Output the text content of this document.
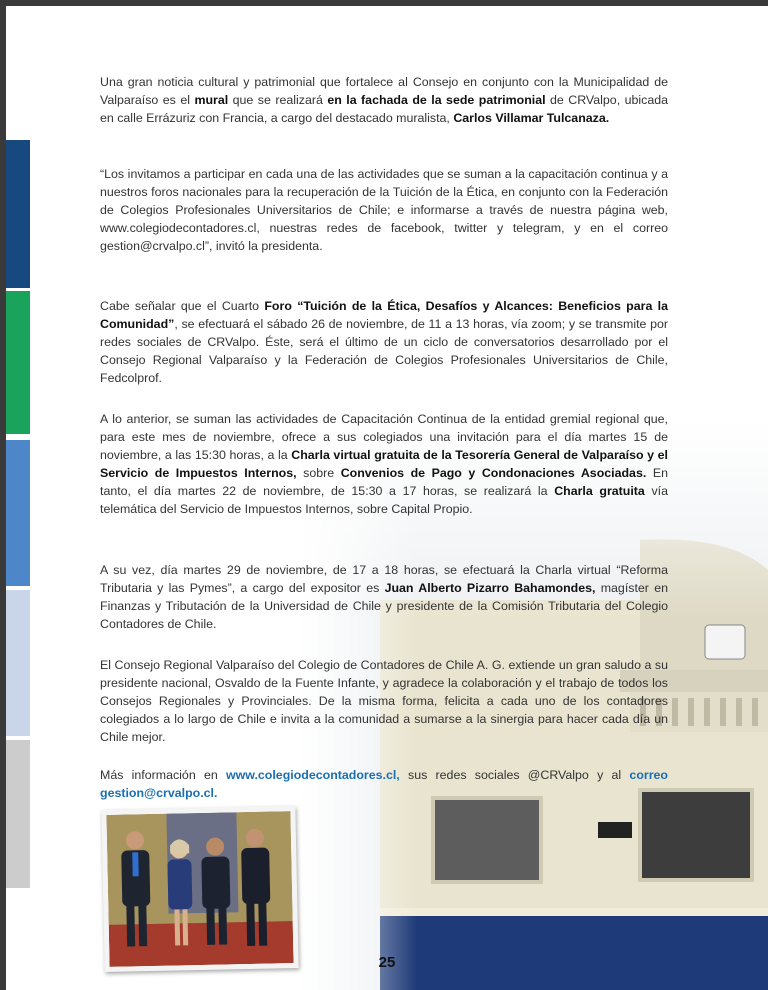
Una gran noticia cultural y patrimonial que fortalece al Consejo en conjunto con la Municipalidad de Valparaíso es el mural que se realizará en la fachada de la sede patrimonial de CRValpo, ubicada en calle Errázuriz con Francia, a cargo del destacado muralista, Carlos Villamar Tulcanaza.
“Los invitamos a participar en cada una de las actividades que se suman a la capacitación continua y a nuestros foros nacionales para la recuperación de la Tuición de la Ética, en conjunto con la Federación de Colegios Profesionales Universitarios de Chile; e informarse a través de nuestra página web, www.colegiodecontadores.cl, nuestras redes de facebook, twitter y telegram, y en el correo gestion@crvalpo.cl”, invitó la presidenta.
Cabe señalar que el Cuarto Foro “Tuición de la Ética, Desafíos y Alcances: Beneficios para la Comunidad”, se efectuará el sábado 26 de noviembre, de 11 a 13 horas, vía zoom; y se transmite por redes sociales de CRValpo. Éste, será el último de un ciclo de conversatorios desarrollado por el Consejo Regional Valparaíso y la Federación de Colegios Profesionales Universitarios de Chile, Fedcolprof.
A lo anterior, se suman las actividades de Capacitación Continua de la entidad gremial regional que, para este mes de noviembre, ofrece a sus colegiados una invitación para el día martes 15 de noviembre, a las 15:30 horas, a la Charla virtual gratuita de la Tesorería General de Valparaíso y el Servicio de Impuestos Internos, sobre Convenios de Pago y Condonaciones Asociadas. En tanto, el día martes 22 de noviembre, de 15:30 a 17 horas, se realizará la Charla gratuita vía telemática del Servicio de Impuestos Internos, sobre Capital Propio.
A su vez, día martes 29 de noviembre, de 17 a 18 horas, se efectuará la Charla virtual “Reforma Tributaria y las Pymes”, a cargo del expositor es Juan Alberto Pizarro Bahamondes, magíster en Finanzas y Tributación de la Universidad de Chile y presidente de la Comisión Tributaria del Colegio Contadores de Chile.
El Consejo Regional Valparaíso del Colegio de Contadores de Chile A. G. extiende un gran saludo a su presidente nacional, Osvaldo de la Fuente Infante, y agradece la colaboración y el trabajo de todos los Consejos Regionales y Provinciales. De la misma forma, felicita a cada uno de los contadores colegiados a lo largo de Chile e invita a la comunidad a sumarse a la sinergia para hacer cada día un Chile mejor.
Más información en www.colegiodecontadores.cl, sus redes sociales @CRValpo y al correo gestion@crvalpo.cl.
25
